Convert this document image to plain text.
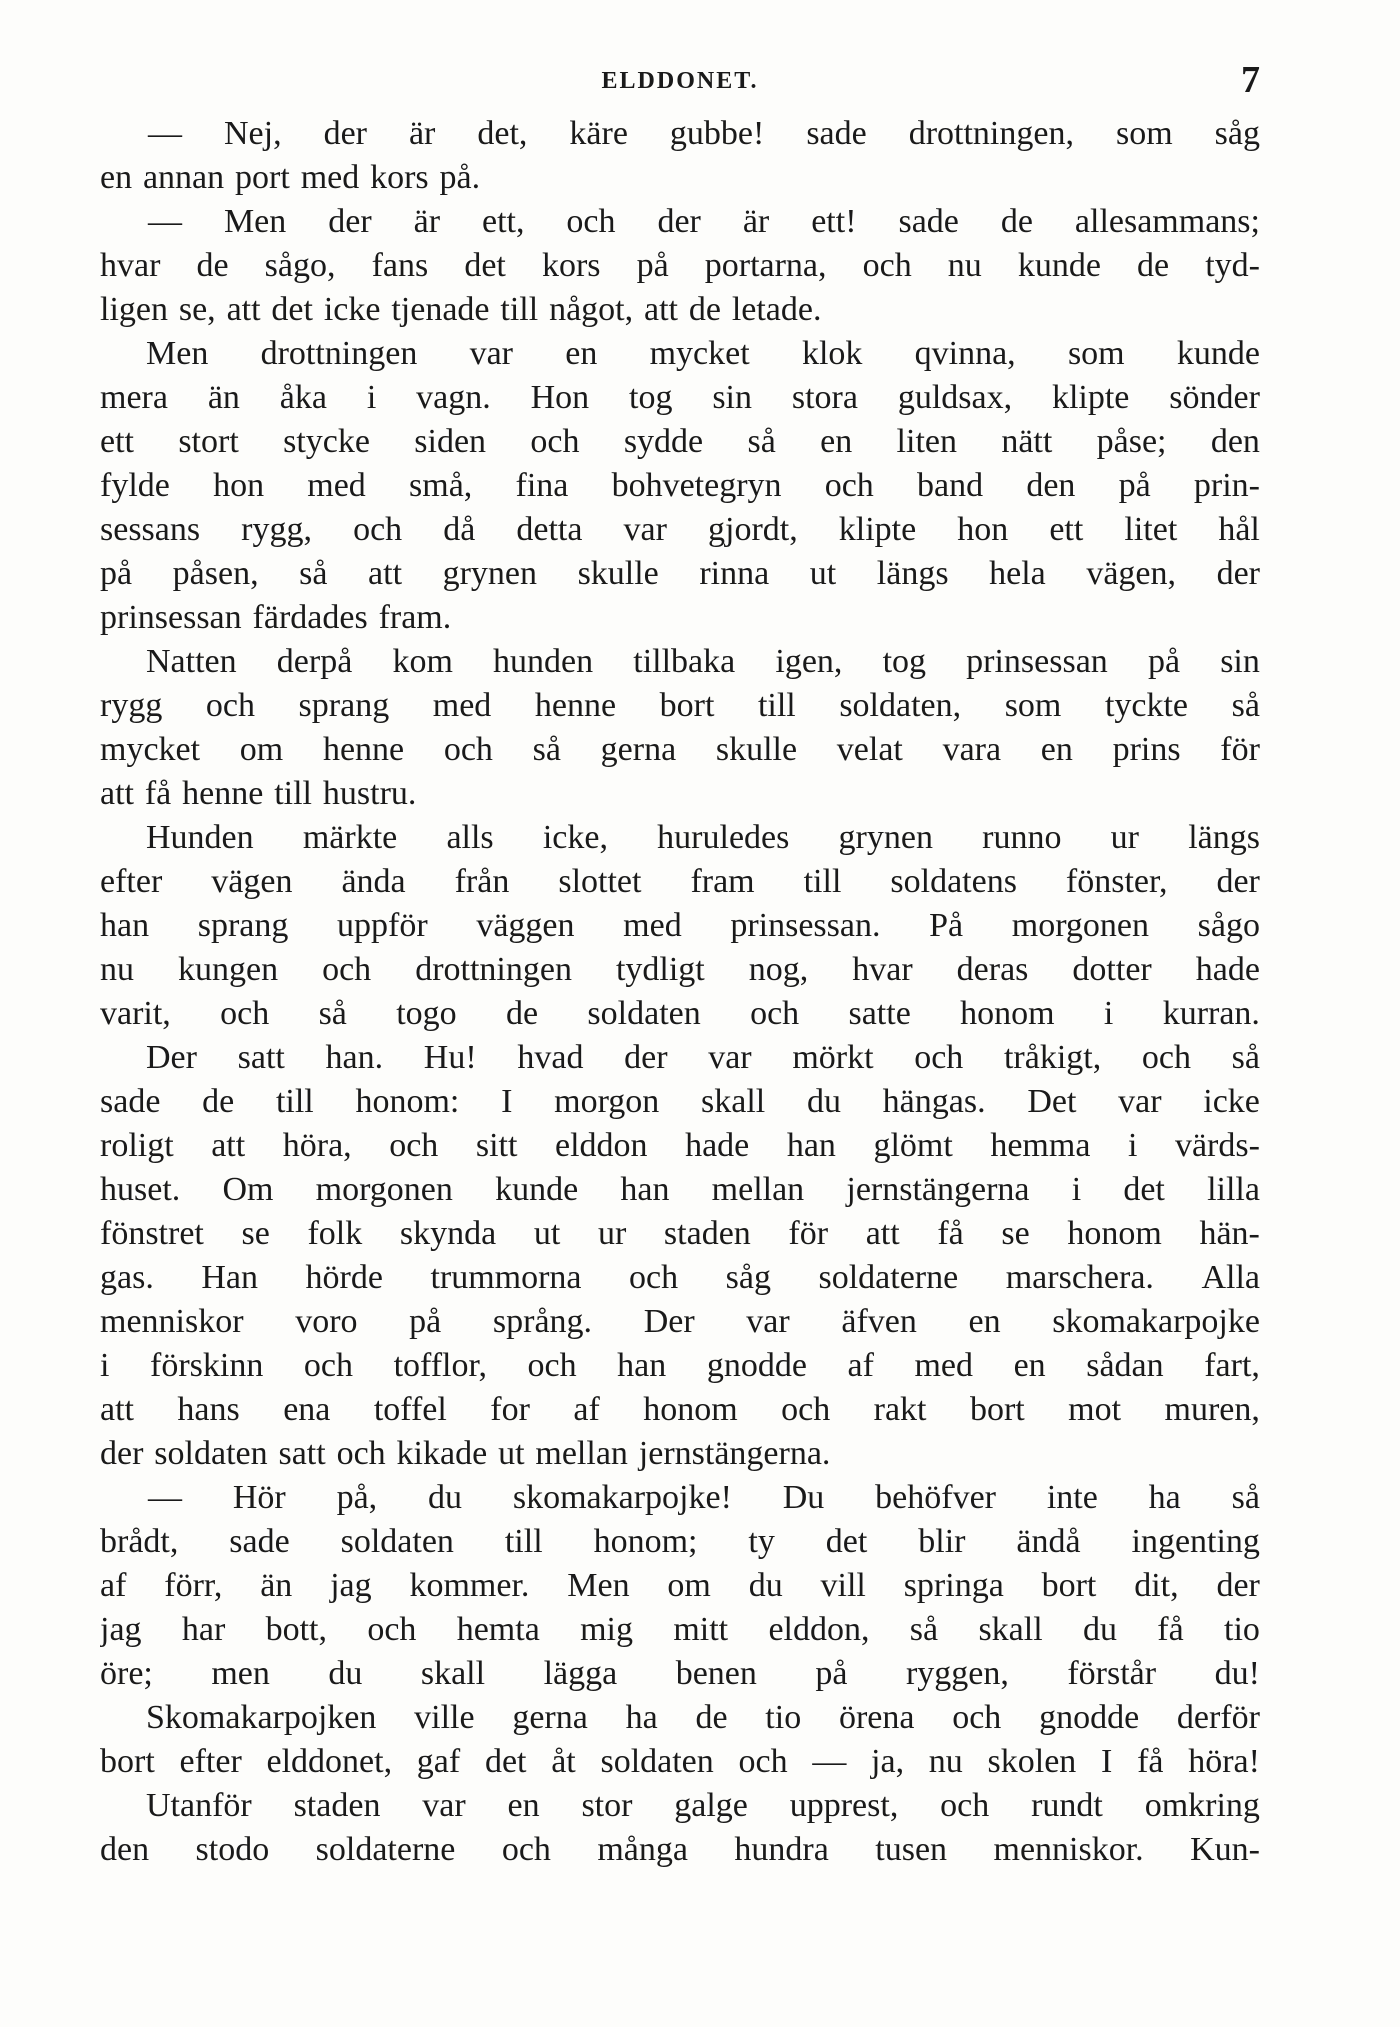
ELDDONET.	7
— Nej, der är det, käre gubbe! sade drottningen, som såg
en annan port med kors på.
— Men der är ett, och der är ett! sade de allesammans;
hvar de sågo, fans det kors på portarna, och nu kunde de tyd-
ligen se, att det icke tjenade till något, att de letade.
Men drottningen var en mycket klok qvinna, som kunde
mera än åka i vagn. Hon tog sin stora guldsax, klipte sönder
ett stort stycke siden och sydde så en liten nätt påse; den
fylde hon med små, fina bohvetegryn och band den på prin-
sessans rygg, och då detta var gjordt, klipte hon ett litet hål
på påsen, så att grynen skulle rinna ut längs hela vägen, der
prinsessan färdades fram.
Natten derpå kom hunden tillbaka igen, tog prinsessan på sin
rygg och sprang med henne bort till soldaten, som tyckte så
mycket om henne och så gerna skulle velat vara en prins för
att få henne till hustru.
Hunden märkte alls icke, huruledes grynen runno ur längs
efter vägen ända från slottet fram till soldatens fönster, der
han sprang uppför väggen med prinsessan. På morgonen sågo
nu kungen och drottningen tydligt nog, hvar deras dotter hade
varit, och så togo de soldaten och satte honom i kurran.
Der satt han. Hu! hvad der var mörkt och tråkigt, och så
sade de till honom: I morgon skall du hängas. Det var icke
roligt att höra, och sitt elddon hade han glömt hemma i värds-
huset. Om morgonen kunde han mellan jernstängerna i det lilla
fönstret se folk skynda ut ur staden för att få se honom hän-
gas. Han hörde trummorna och såg soldaterne marschera. Alla
menniskor voro på språng. Der var äfven en skomakarpojke
i förskinn och tofflor, och han gnodde af med en sådan fart,
att hans ena toffel for af honom och rakt bort mot muren,
der soldaten satt och kikade ut mellan jernstängerna.
— Hör på, du skomakarpojke! Du behöfver inte ha så
brådt, sade soldaten till honom; ty det blir ändå ingenting
af förr, än jag kommer. Men om du vill springa bort dit, der
jag har bott, och hemta mig mitt elddon, så skall du få tio
öre; men du skall lägga benen på ryggen, förstår du!
Skomakarpojken ville gerna ha de tio örena och gnodde derför
bort efter elddonet, gaf det åt soldaten och — ja, nu skolen I få höra!
Utanför staden var en stor galge upprest, och rundt omkring
den stodo soldaterne och många hundra tusen menniskor. Kun-
